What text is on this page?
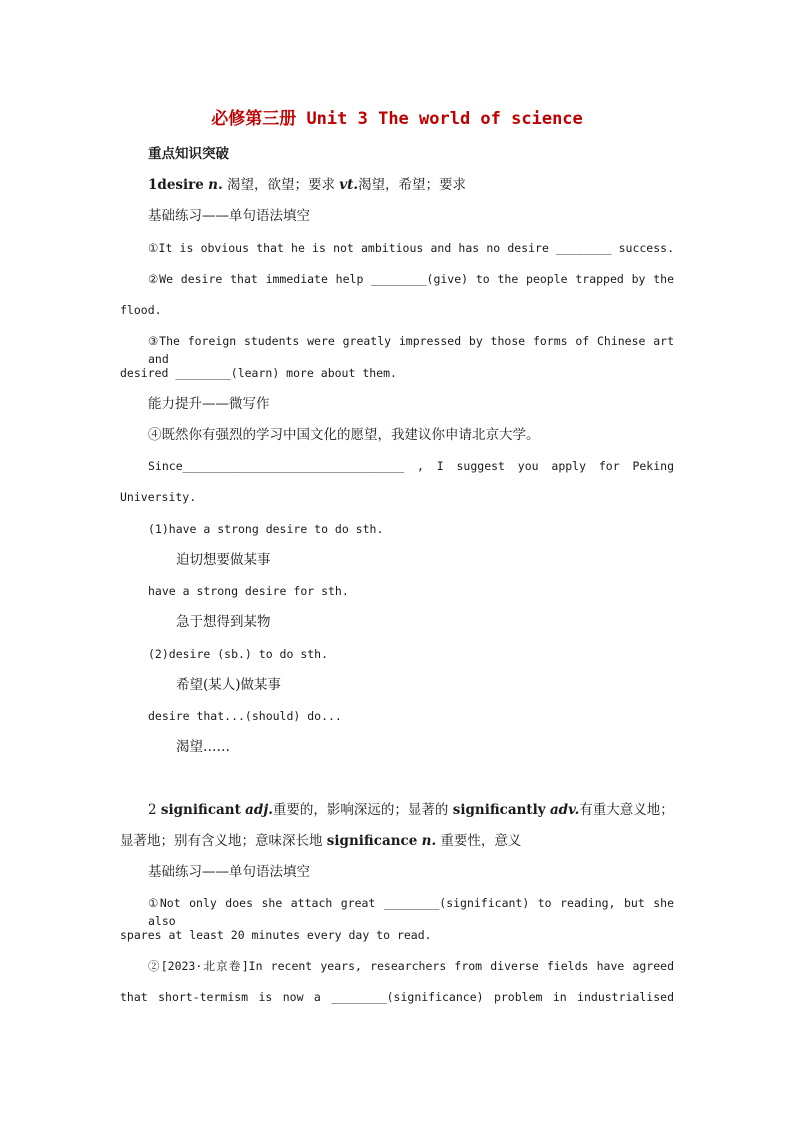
必修第三册 Unit 3 The world of science
重点知识突破
1desire n. 渴望，欲望；要求 vt.渴望，希望；要求
基础练习——单句语法填空
①It is obvious that he is not ambitious and has no desire ________ success.
②We desire that immediate help ________(give) to the people trapped by the
flood.
③The foreign students were greatly impressed by those forms of Chinese art and
desired ________(learn) more about them.
能力提升——微写作
④既然你有强烈的学习中国文化的愿望，我建议你申请北京大学。
Since________________________________ , I suggest you apply for Peking
University.
(1)have a strong desire to do sth.
迫切想要做某事
have a strong desire for sth.
急于想得到某物
(2)desire (sb.) to do sth.
希望(某人)做某事
desire that...(should) do...
渴望……
2 significant adj.重要的，影响深远的；显著的 significantly adv.有重大意义地；
显著地；别有含义地；意味深长地 significance n. 重要性，意义
基础练习——单句语法填空
①Not only does she attach great ________(significant) to reading, but she also
spares at least 20 minutes every day to read.
②[2023·北京卷]In recent years, researchers from diverse fields have agreed
that short-termism is now a ________(significance) problem in industrialised
